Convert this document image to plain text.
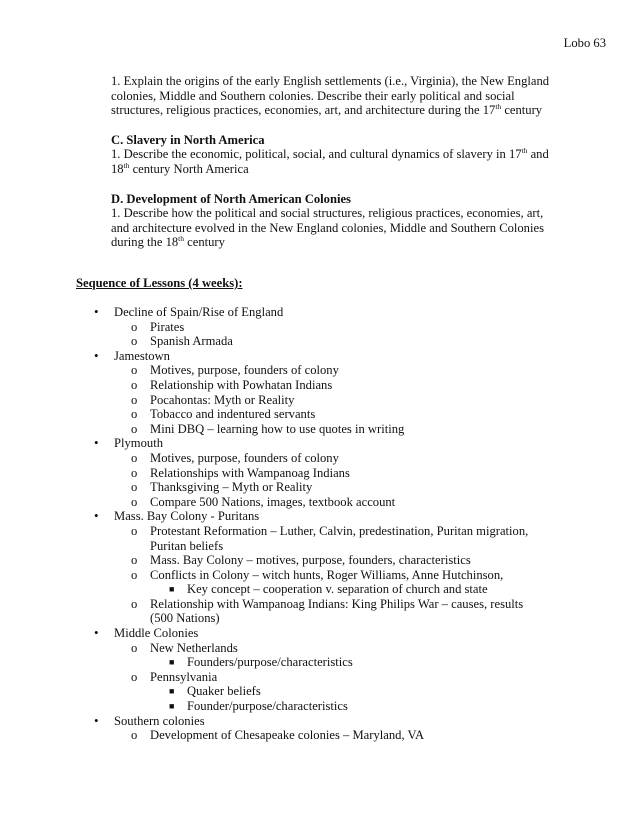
Lobo 63

1. Explain the origins of the early English settlements (i.e., Virginia), the New England colonies, Middle and Southern colonies. Describe their early political and social structures, religious practices, economies, art, and architecture during the 17th century

C. Slavery in North America

1. Describe the economic, political, social, and cultural dynamics of slavery in 17th and 18th century North America

D. Development of North American Colonies

1. Describe how the political and social structures, religious practices, economies, art, and architecture evolved in the New England colonies, Middle and Southern Colonies during the 18th century

Sequence of Lessons (4 weeks):
• Decline of Spain/Rise of England
o Pirates
o Spanish Armada
• Jamestown
o Motives, purpose, founders of colony
o Relationship with Powhatan Indians
o Pocahontas: Myth or Reality
o Tobacco and indentured servants
o Mini DBQ – learning how to use quotes in writing
• Plymouth
o Motives, purpose, founders of colony
o Relationships with Wampanoag Indians
o Thanksgiving – Myth or Reality
o Compare 500 Nations, images, textbook account
• Mass. Bay Colony - Puritans
o Protestant Reformation – Luther, Calvin, predestination, Puritan migration, Puritan beliefs
o Mass. Bay Colony – motives, purpose, founders, characteristics
o Conflicts in Colony – witch hunts, Roger Williams, Anne Hutchinson,
■ Key concept – cooperation v. separation of church and state
o Relationship with Wampanoag Indians: King Philips War – causes, results (500 Nations)
• Middle Colonies
o New Netherlands
■ Founders/purpose/characteristics
o Pennsylvania
■ Quaker beliefs
■ Founder/purpose/characteristics
• Southern colonies
o Development of Chesapeake colonies – Maryland, VA
